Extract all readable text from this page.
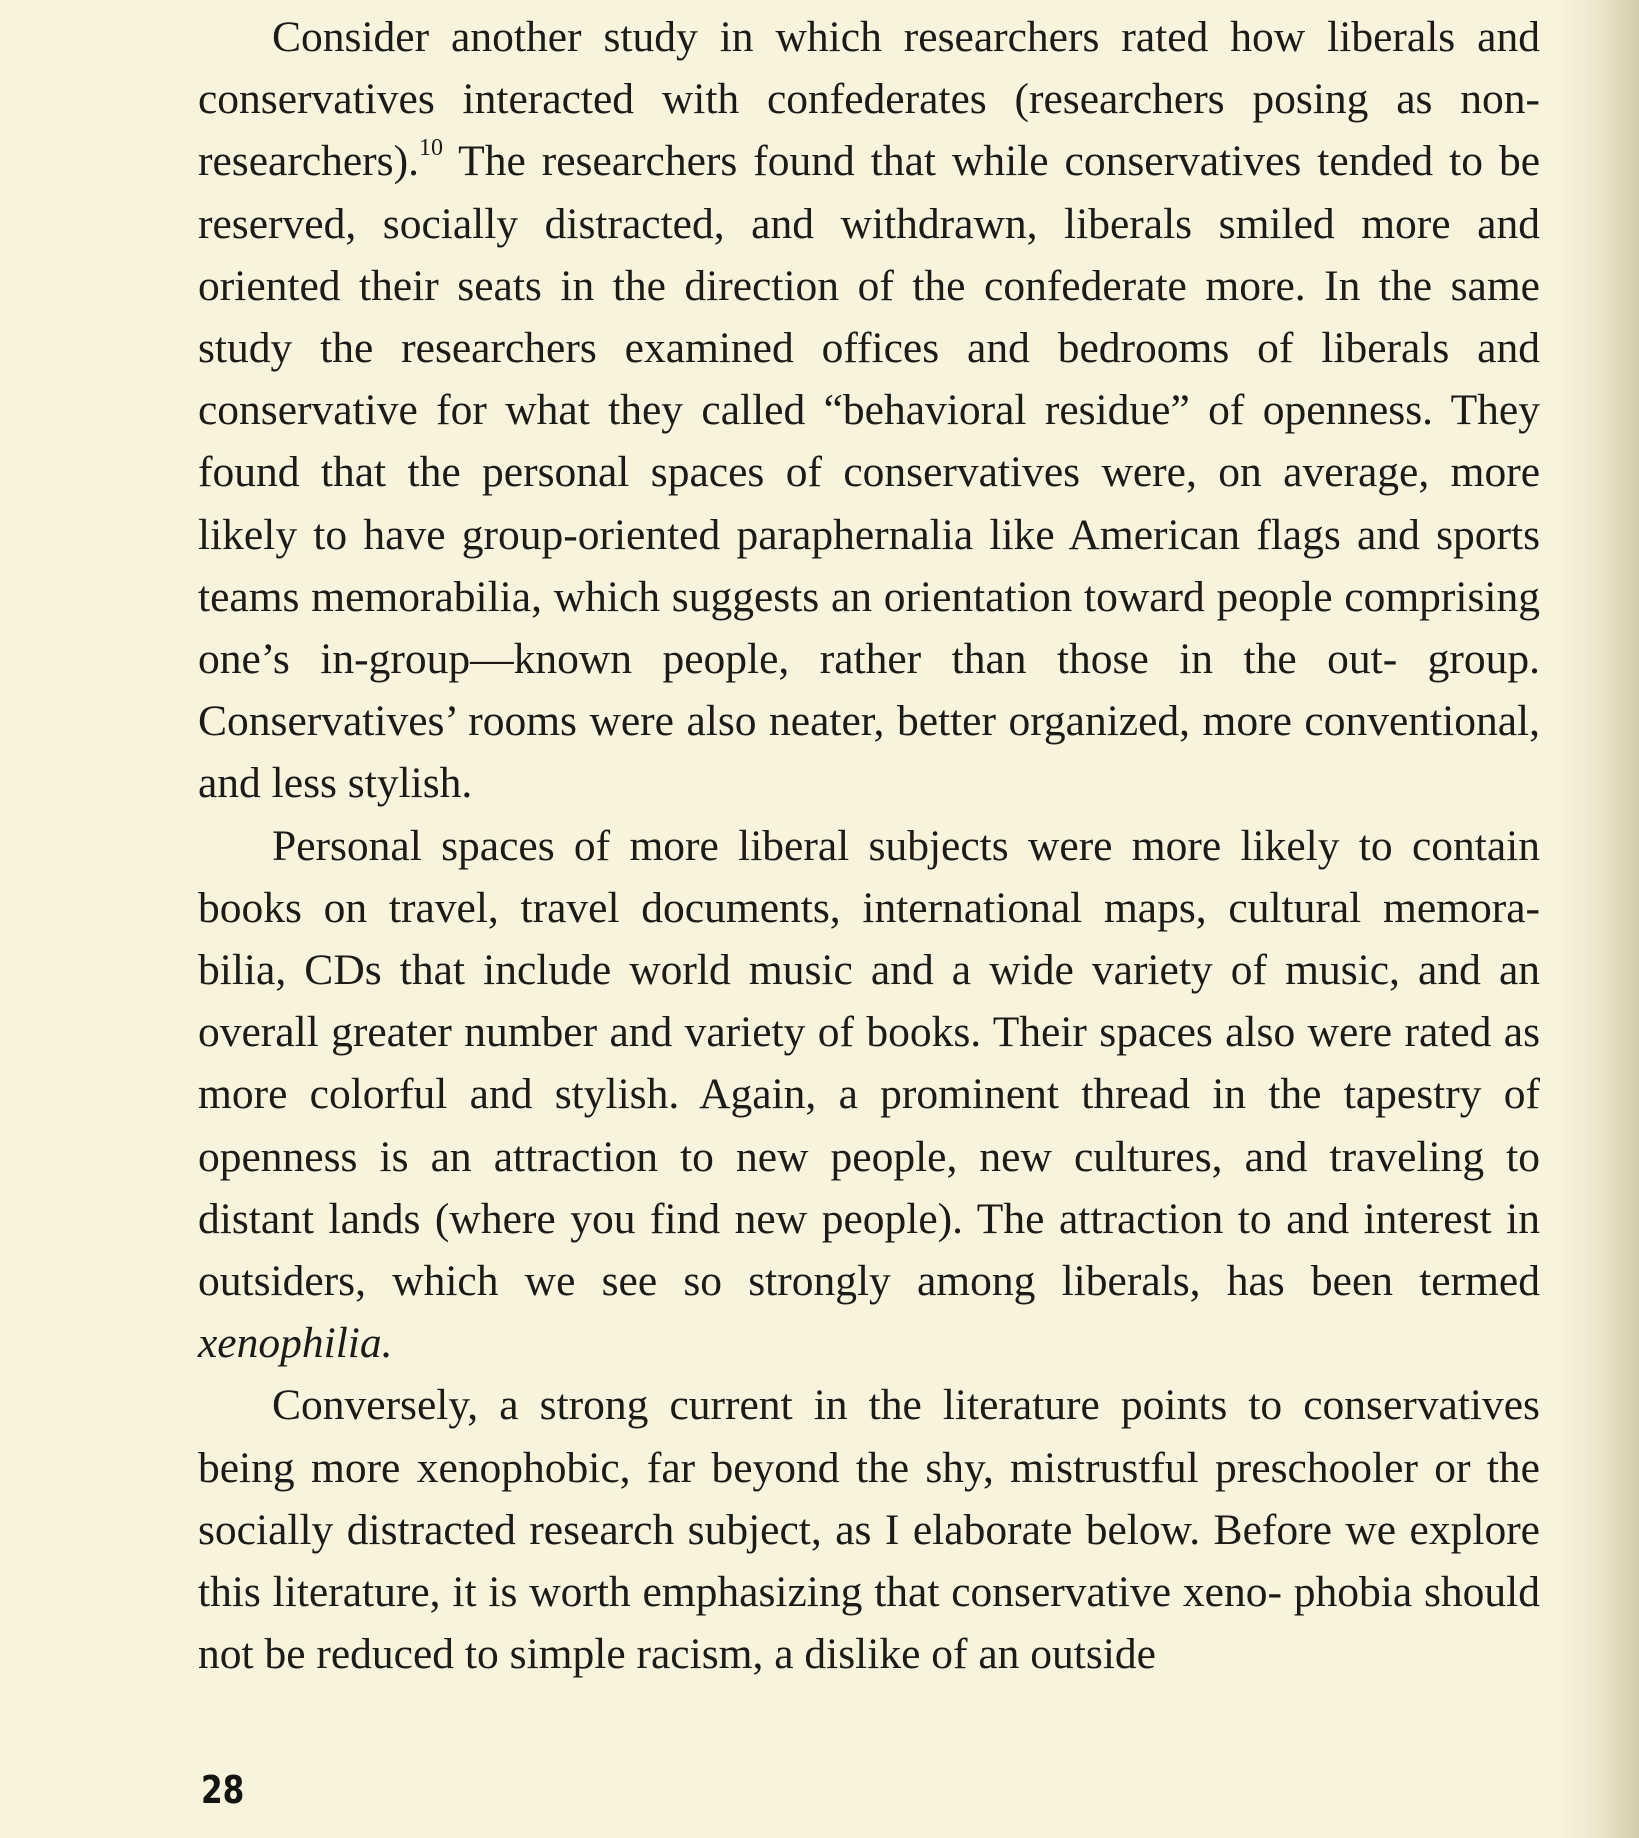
Consider another study in which researchers rated how liberals and conservatives interacted with confederates (researchers posing as non- researchers).$^{10}$ The researchers found that while conservatives tended to be reserved, socially distracted, and withdrawn, liberals smiled more and oriented their seats in the direction of the confederate more. In the same study the researchers examined offices and bedrooms of liberals and conservative for what they called “behavioral residue” of openness. They found that the personal spaces of conservatives were, on average, more likely to have group-oriented paraphernalia like American flags and sports teams memorabilia, which suggests an orientation toward people comprising one’s in-group—known people, rather than those in the out- group. Conservatives’ rooms were also neater, better organized, more conventional, and less stylish.

Personal spaces of more liberal subjects were more likely to contain books on travel, travel documents, international maps, cultural memora- bilia, CDs that include world music and a wide variety of music, and an overall greater number and variety of books. Their spaces also were rated as more colorful and stylish. Again, a prominent thread in the tapestry of openness is an attraction to new people, new cultures, and traveling to distant lands (where you find new people). The attraction to and interest in outsiders, which we see so strongly among liberals, has been termed xenophilia.

Conversely, a strong current in the literature points to conservatives being more xenophobic, far beyond the shy, mistrustful preschooler or the socially distracted research subject, as I elaborate below. Before we explore this literature, it is worth emphasizing that conservative xeno- phobia should not be reduced to simple racism, a dislike of an outside

28
